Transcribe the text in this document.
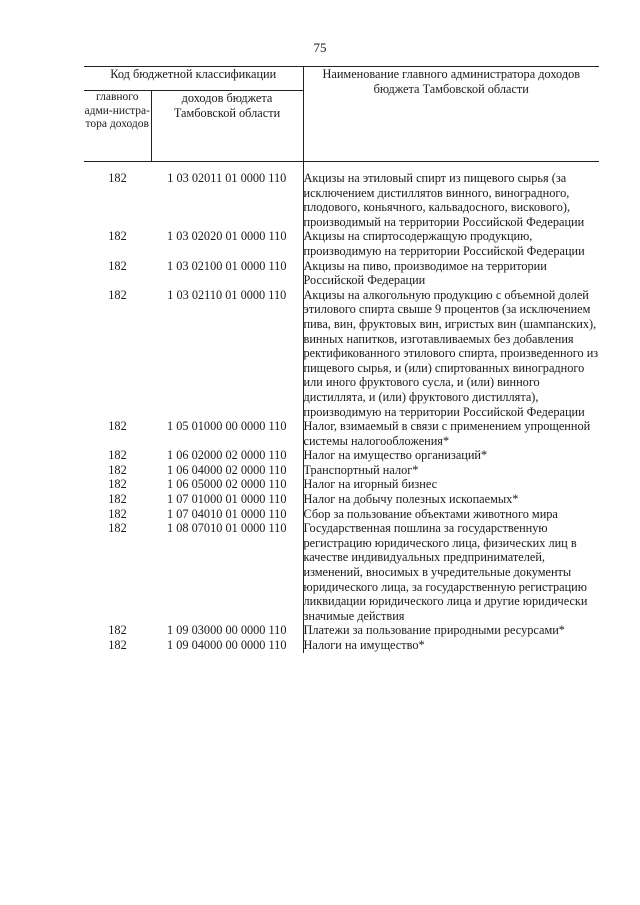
75
Код бюджетной классификации		Наименование главного администратора доходов бюджета Тамбовской области
главного адми-нистра-тора доходов	доходов бюджета Тамбовской области	
182	1 03 02011 01 0000 110	Акцизы на этиловый спирт из пищевого сырья (за исключением дистиллятов винного, виноградного, плодового, коньячного, кальвадосного, вискового), производимый на территории Российской Федерации
182	1 03 02020 01 0000 110	Акцизы на спиртосодержащую продукцию, производимую на территории Российской Федерации
182	1 03 02100 01 0000 110	Акцизы на пиво, производимое на территории Российской Федерации
182	1 03 02110 01 0000 110	Акцизы на алкогольную продукцию с объемной долей этилового спирта свыше 9 процентов (за исключением пива, вин, фруктовых вин, игристых вин (шампанских), винных напитков, изготавливаемых без добавления ректификованного этилового спирта, произведенного из пищевого сырья, и (или) спиртованных виноградного или иного фруктового сусла, и (или) винного дистиллята, и (или) фруктового дистиллята), производимую на территории Российской Федерации
182	1 05 01000 00 0000 110	Налог, взимаемый в связи с применением упрощенной системы налогообложения*
182	1 06 02000 02 0000 110	Налог на имущество организаций*
182	1 06 04000 02 0000 110	Транспортный налог*
182	1 06 05000 02 0000 110	Налог на игорный бизнес
182	1 07 01000 01 0000 110	Налог на добычу полезных ископаемых*
182	1 07 04010 01 0000 110	Сбор за пользование объектами животного мира
182	1 08 07010 01 0000 110	Государственная пошлина за государственную регистрацию юридического лица, физических лиц в качестве индивидуальных предпринимателей, изменений, вносимых в учредительные документы юридического лица, за государственную регистрацию ликвидации юридического лица и другие юридически значимые действия
182	1 09 03000 00 0000 110	Платежи за пользование природными ресурсами*
182	1 09 04000 00 0000 110	Налоги на имущество*
